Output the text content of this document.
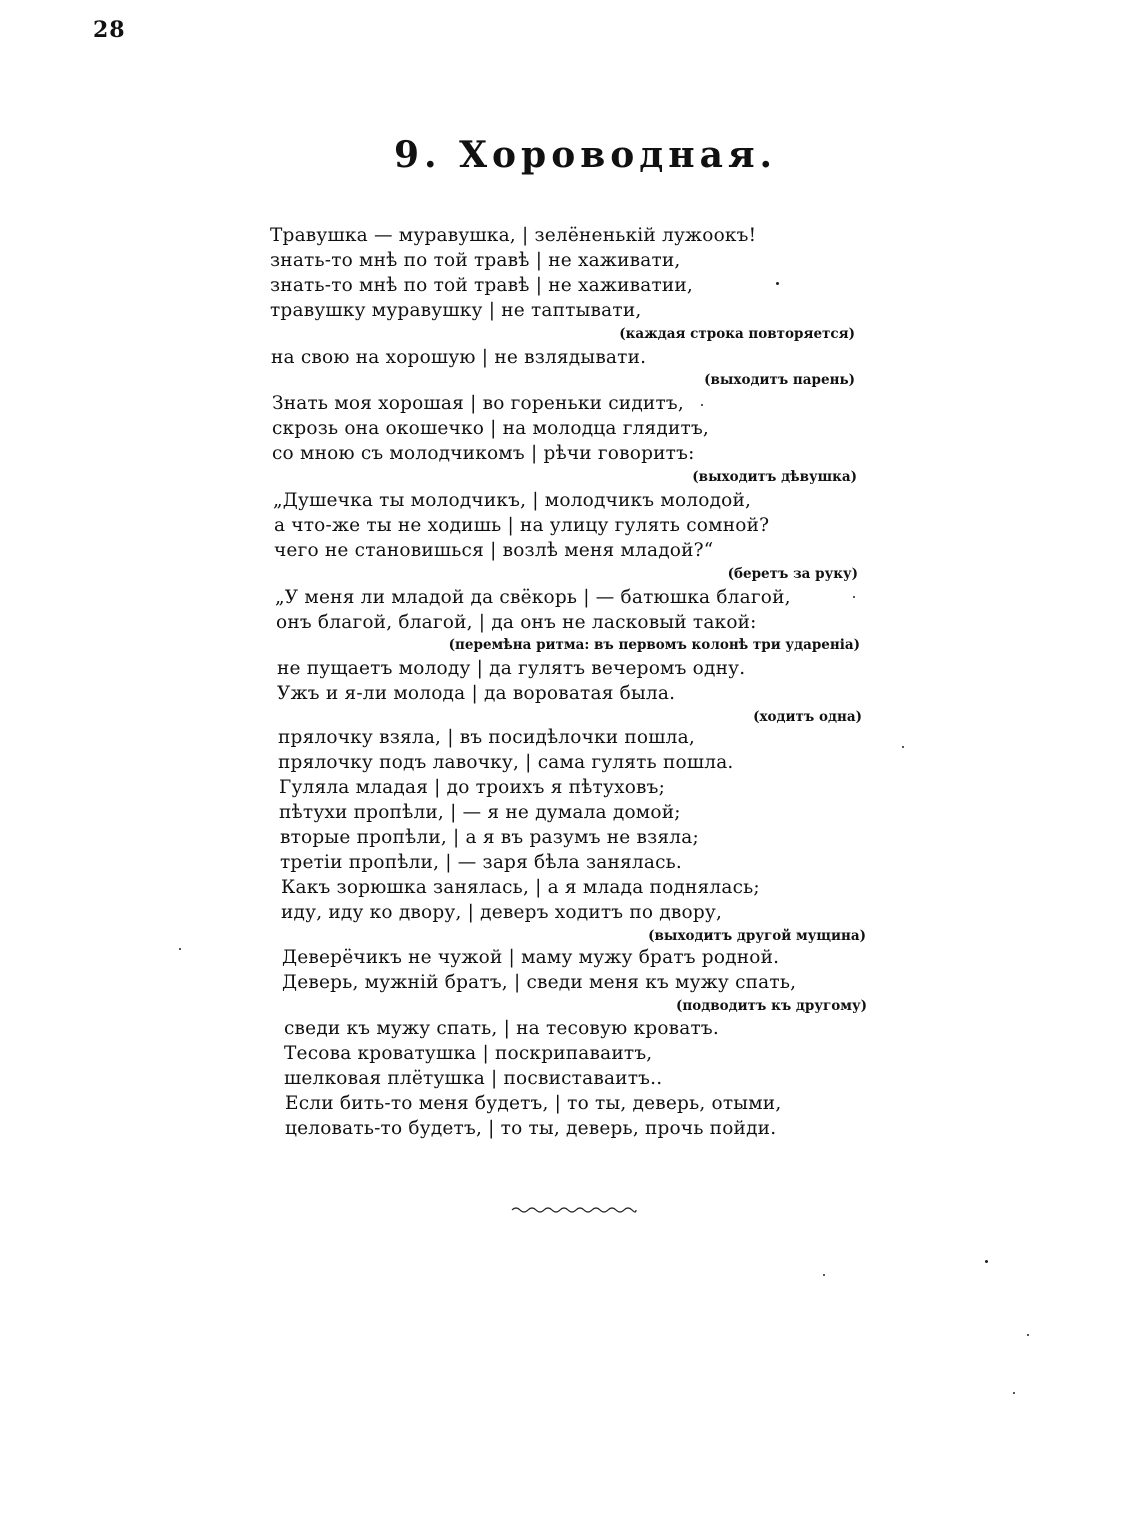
28
9. Хороводная.
Травушка — муравушка, | зелёненькiй лужоокъ!
знать-то мнѣ по той травѣ | не хаживати,
знать-то мнѣ по той травѣ | не хаживатии,
травушку муравушку | не таптывати,
(каждая строка повторяется)
на свою на хорошую | не взлядывати.
(выходитъ парень)
Знать моя хорошая | во гореньки сидитъ,
скрозь она окошечко | на молодца глядитъ,
со мною съ молодчикомъ | рѣчи говоритъ:
(выходитъ дѣвушка)
„Душечка ты молодчикъ, | молодчикъ молодой,
а что-же ты не ходишь | на улицу гулять сомной?
чего не становишься | возлѣ меня младой?“
(беретъ за руку)
„У меня ли младой да свёкорь | — батюшка благой,
онъ благой, благой, | да онъ не ласковый такой:
(перемѣна ритма: въ первомъ колонѣ три удареніа)
не пущаетъ молоду | да гулятъ вечеромъ одну.
Ужъ и я-ли молода | да вороватая была.
(ходитъ одна)
прялочку взяла, | въ посидѣлочки пошла,
прялочку подъ лавочку, | сама гулять пошла.
Гуляла младая | до троихъ я пѣтуховъ;
пѣтухи пропѣли, | — я не думала домой;
вторые пропѣли, | а я въ разумъ не взяла;
третiи пропѣли, | — заря бѣла занялась.
Какъ зорюшка занялась, | а я млада поднялась;
иду, иду ко двору, | деверъ ходитъ по двору,
(выходитъ другой мущина)
Деверёчикъ не чужой | маму мужу братъ родной.
Деверь, мужнiй братъ, | сведи меня къ мужу спать,
(подводитъ къ другому)
сведи къ мужу спать, | на тесовую кроватъ.
Тесова кроватушка | поскрипаваитъ,
шелковая плётушка | посвиставаитъ..
Если бить-то меня будетъ, | то ты, деверь, отыми,
целовать-то будетъ, | то ты, деверь, прочь пойди.
